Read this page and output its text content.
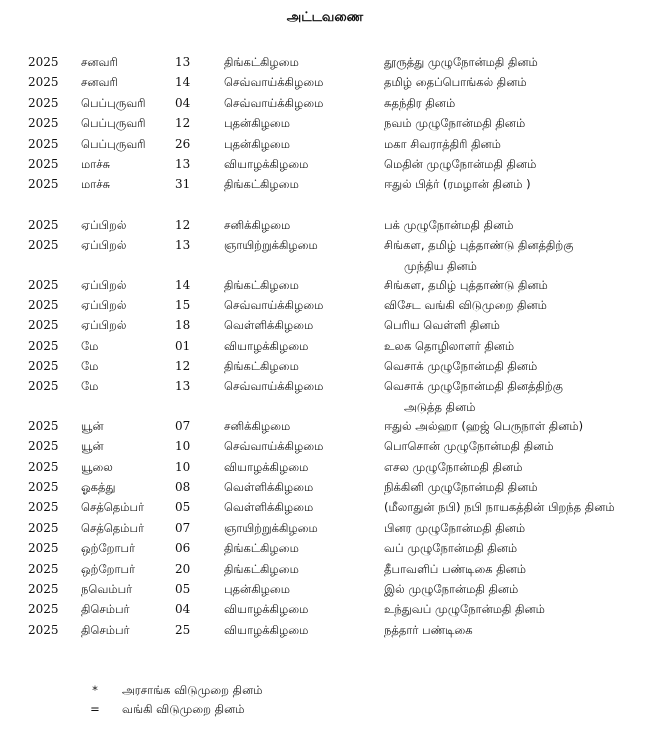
அட்டவணை
2025 சனவரி	13	திங்கட்கிழமை	தூருத்து முழுநோன்மதி தினம்
2025 சனவரி	14	செவ்வாய்க்கிழமை	தமிழ் தைப்பொங்கல் தினம்
2025 பெப்புருவரி 04	செவ்வாய்க்கிழமை	சுதந்திர தினம்
2025 பெப்புருவரி 12	புதன்கிழமை	நவம் முழுநோன்மதி தினம்
2025 பெப்புருவரி 26	புதன்கிழமை	மகா சிவராத்திரி தினம்
2025 மாச்சு	13	வியாழக்கிழமை	மெதின் முழுநோன்மதி தினம்
2025 மாச்சு	31	திங்கட்கிழமை	ஈதுல் பித்ர் (ரமழான் தினம் )
2025 ஏப்பிறல்	12	சனிக்கிழமை	பக் முழுநோன்மதி தினம்
2025 ஏப்பிறல்	13	ஞாயிற்றுக்கிழமை	சிங்கள, தமிழ் புத்தாண்டு தினத்திற்கு
முந்திய தினம்
2025 ஏப்பிறல்	14	திங்கட்கிழமை	சிங்கள, தமிழ் புத்தாண்டு தினம்
2025 ஏப்பிறல்	15	செவ்வாய்க்கிழமை	விசேட வங்கி விடுமுறை தினம்
2025 ஏப்பிறல்	18	வெள்ளிக்கிழமை	பெரிய வெள்ளி தினம்
2025 மே	01	வியாழக்கிழமை	உலக தொழிலாளர் தினம்
2025 மே	12	திங்கட்கிழமை	வெசாக் முழுநோன்மதி தினம்
2025 மே	13	செவ்வாய்க்கிழமை	வெசாக் முழுநோன்மதி தினத்திற்கு
அடுத்த தினம்
2025 யூன்	07	சனிக்கிழமை	ஈதுல் அல்ஹா (ஹஜ் பெருநாள் தினம்)
2025 யூன்	10	செவ்வாய்க்கிழமை	பொசொன் முழுநோன்மதி தினம்
2025 யூலை	10	வியாழக்கிழமை	எசல முழுநோன்மதி தினம்
2025 ஓகத்து	08	வெள்ளிக்கிழமை	நிக்கினி முழுநோன்மதி தினம்
2025 செத்தெம்பர்	05	வெள்ளிக்கிழமை	(மீலாதுன் நபி) நபி நாயகத்தின் பிறந்த தினம்
2025 செத்தெம்பர்	07	ஞாயிற்றுக்கிழமை	பினர முழுநோன்மதி தினம்
2025 ஒற்றோபர்	06	திங்கட்கிழமை	வப் முழுநோன்மதி தினம்
2025 ஒற்றோபர்	20	திங்கட்கிழமை	தீபாவளிப் பண்டிகை தினம்
2025 நவெம்பர்	05	புதன்கிழமை	இல் முழுநோன்மதி தினம்
2025 திசெம்பர்	04	வியாழக்கிழமை	உந்துவப் முழுநோன்மதி தினம்
2025 திசெம்பர்	25	வியாழக்கிழமை	நத்தார் பண்டிகை
*	அரசாங்க விடுமுறை தினம்
= வங்கி விடுமுறை தினம்
